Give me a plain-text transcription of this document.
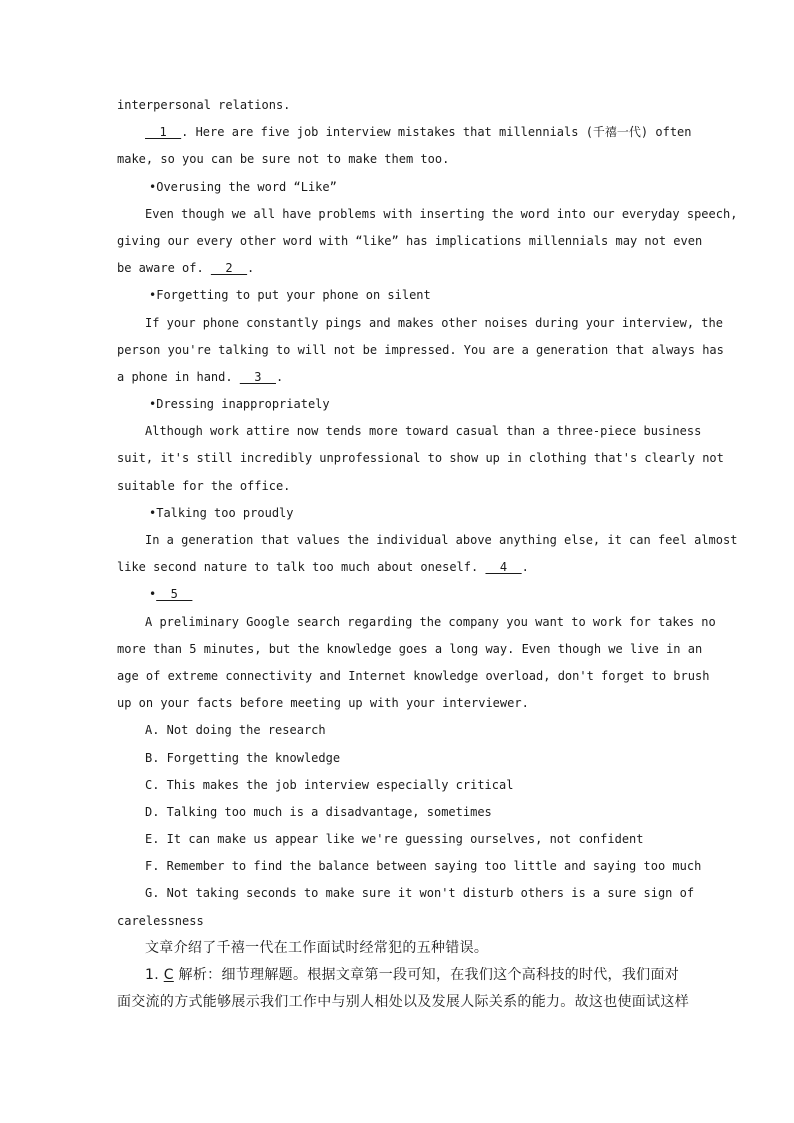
interpersonal relations.
__1__. Here are five job interview mistakes that millennials (千禧一代) often
make, so you can be sure not to make them too.
•Overusing the word “Like”
Even though we all have problems with inserting the word into our everyday speech,
giving our every other word with “like” has implications millennials may not even
be aware of. __2__.
•Forgetting to put your phone on silent
If your phone constantly pings and makes other noises during your interview, the
person you're talking to will not be impressed. You are a generation that always has
a phone in hand. __3__.
•Dressing inappropriately
Although work attire now tends more toward casual than a three-piece business
suit, it's still incredibly unprofessional to show up in clothing that's clearly not
suitable for the office.
•Talking too proudly
In a generation that values the individual above anything else, it can feel almost
like second nature to talk too much about oneself. __4__.
•__5__
A preliminary Google search regarding the company you want to work for takes no
more than 5 minutes, but the knowledge goes a long way. Even though we live in an
age of extreme connectivity and Internet knowledge overload, don't forget to brush
up on your facts before meeting up with your interviewer.
A. Not doing the research
B. Forgetting the knowledge
C. This makes the job interview especially critical
D. Talking too much is a disadvantage, sometimes
E. It can make us appear like we're guessing ourselves, not confident
F. Remember to find the balance between saying too little and saying too much
G. Not taking seconds to make sure it won't disturb others is a sure sign of
carelessness
文章介绍了千禧一代在工作面试时经常犯的五种错误。
1. C 解析：细节理解题。根据文章第一段可知，在我们这个高科技的时代，我们面对
面交流的方式能够展示我们工作中与别人相处以及发展人际关系的能力。故这也使面试这样
